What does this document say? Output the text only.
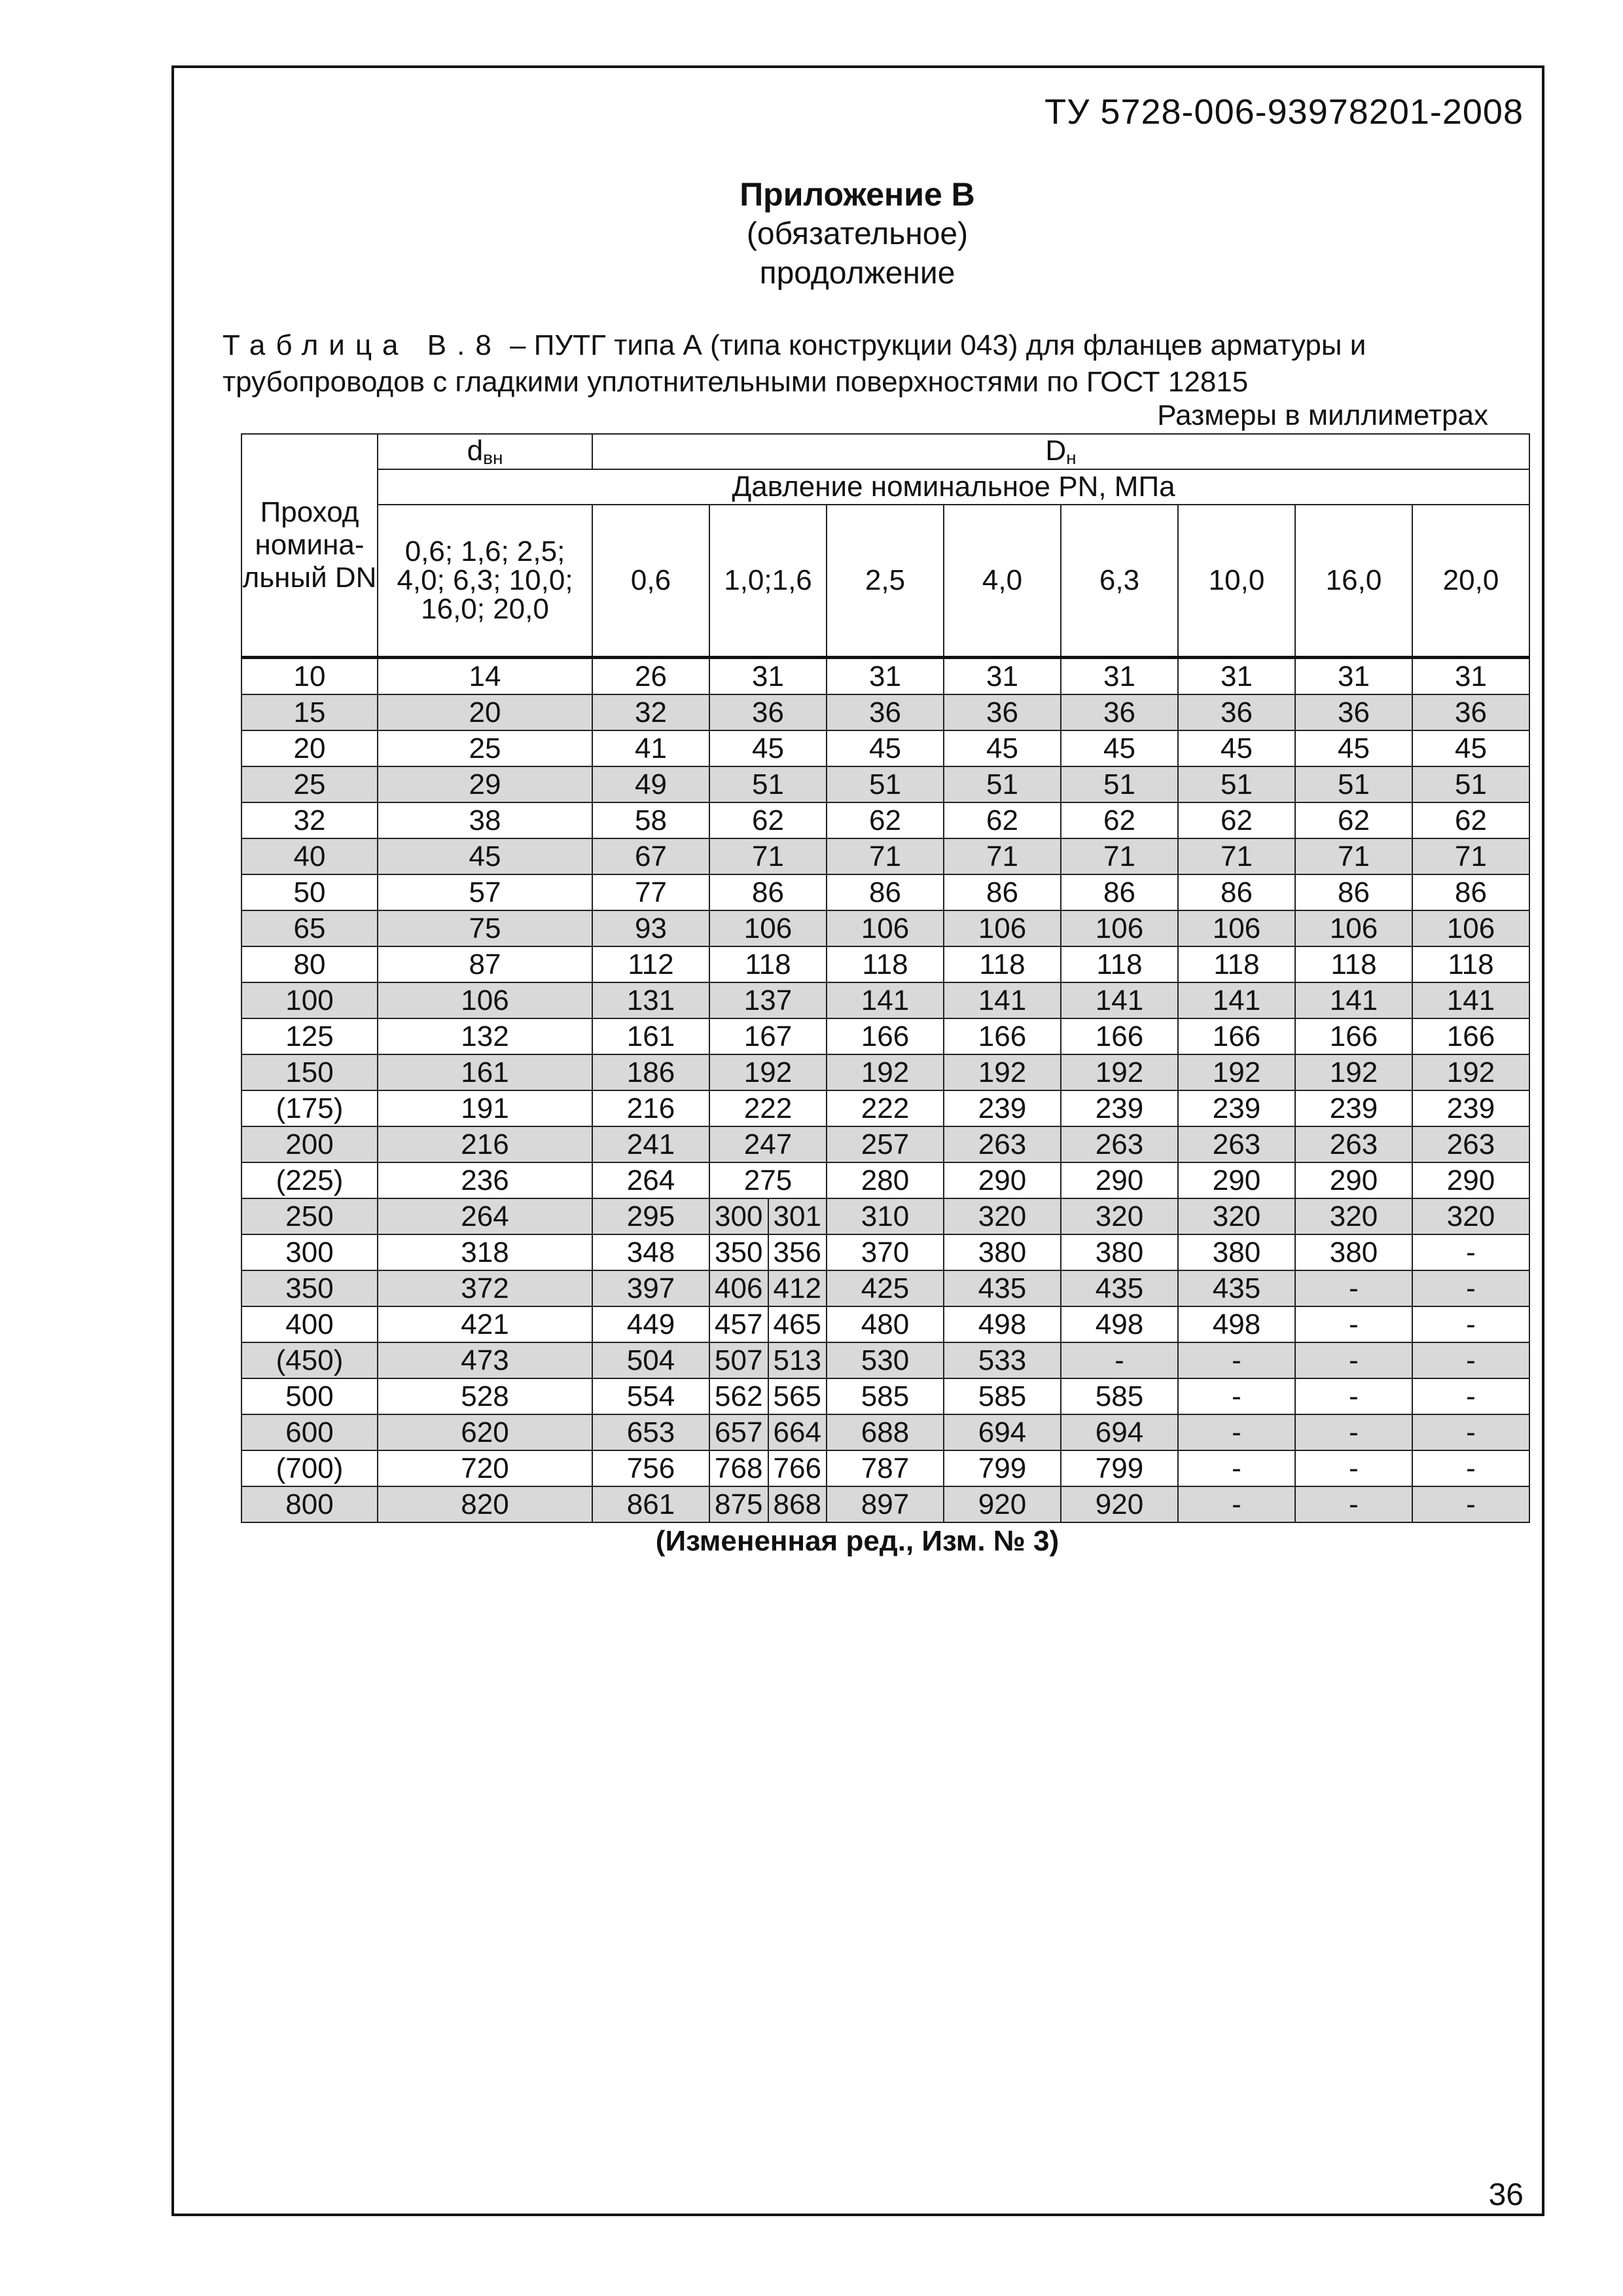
ТУ 5728-006-93978201-2008
Приложение В
(обязательное)
продолжение
Таблица В.8 – ПУТГ типа А (типа конструкции 043) для фланцев арматуры и трубопроводов с гладкими уплотнительными поверхностями по ГОСТ 12815
Размеры в миллиметрах
Проход номина-льный DN	$d_{вн}$	$D_н$
	Давление номинальное PN, МПа								
	0,6; 1,6; 2,5; 4,0; 6,3; 10,0; 16,0; 20,0	0,6	1,0;1,6	2,5	4,0	6,3	10,0	16,0	20,0
10	14	26	31	31	31	31	31	31	31
15	20	32	36	36	36	36	36	36	36
20	25	41	45	45	45	45	45	45	45
25	29	49	51	51	51	51	51	51	51
32	38	58	62	62	62	62	62	62	62
40	45	67	71	71	71	71	71	71	71
50	57	77	86	86	86	86	86	86	86
65	75	93	106	106	106	106	106	106	106
80	87	112	118	118	118	118	118	118	118
100	106	131	137	141	141	141	141	141	141
125	132	161	167	166	166	166	166	166	166
150	161	186	192	192	192	192	192	192	192
(175)	191	216	222	222	239	239	239	239	239
200	216	241	247	257	263	263	263	263	263
(225)	236	264	275	280	290	290	290	290	290
250	264	295	300 301	310	320	320	320	320	320
300	318	348	350 356	370	380	380	380	380	-
350	372	397	406 412	425	435	435	435	-	-
400	421	449	457 465	480	498	498	498	-	-
(450)	473	504	507 513	530	533	-	-	-	-
500	528	554	562 565	585	585	585	-	-	-
600	620	653	657 664	688	694	694	-	-	-
(700)	720	756	768 766	787	799	799	-	-	-
800	820	861	875 868	897	920	920	-	-	-
(Измененная ред., Изм. № 3)
36
